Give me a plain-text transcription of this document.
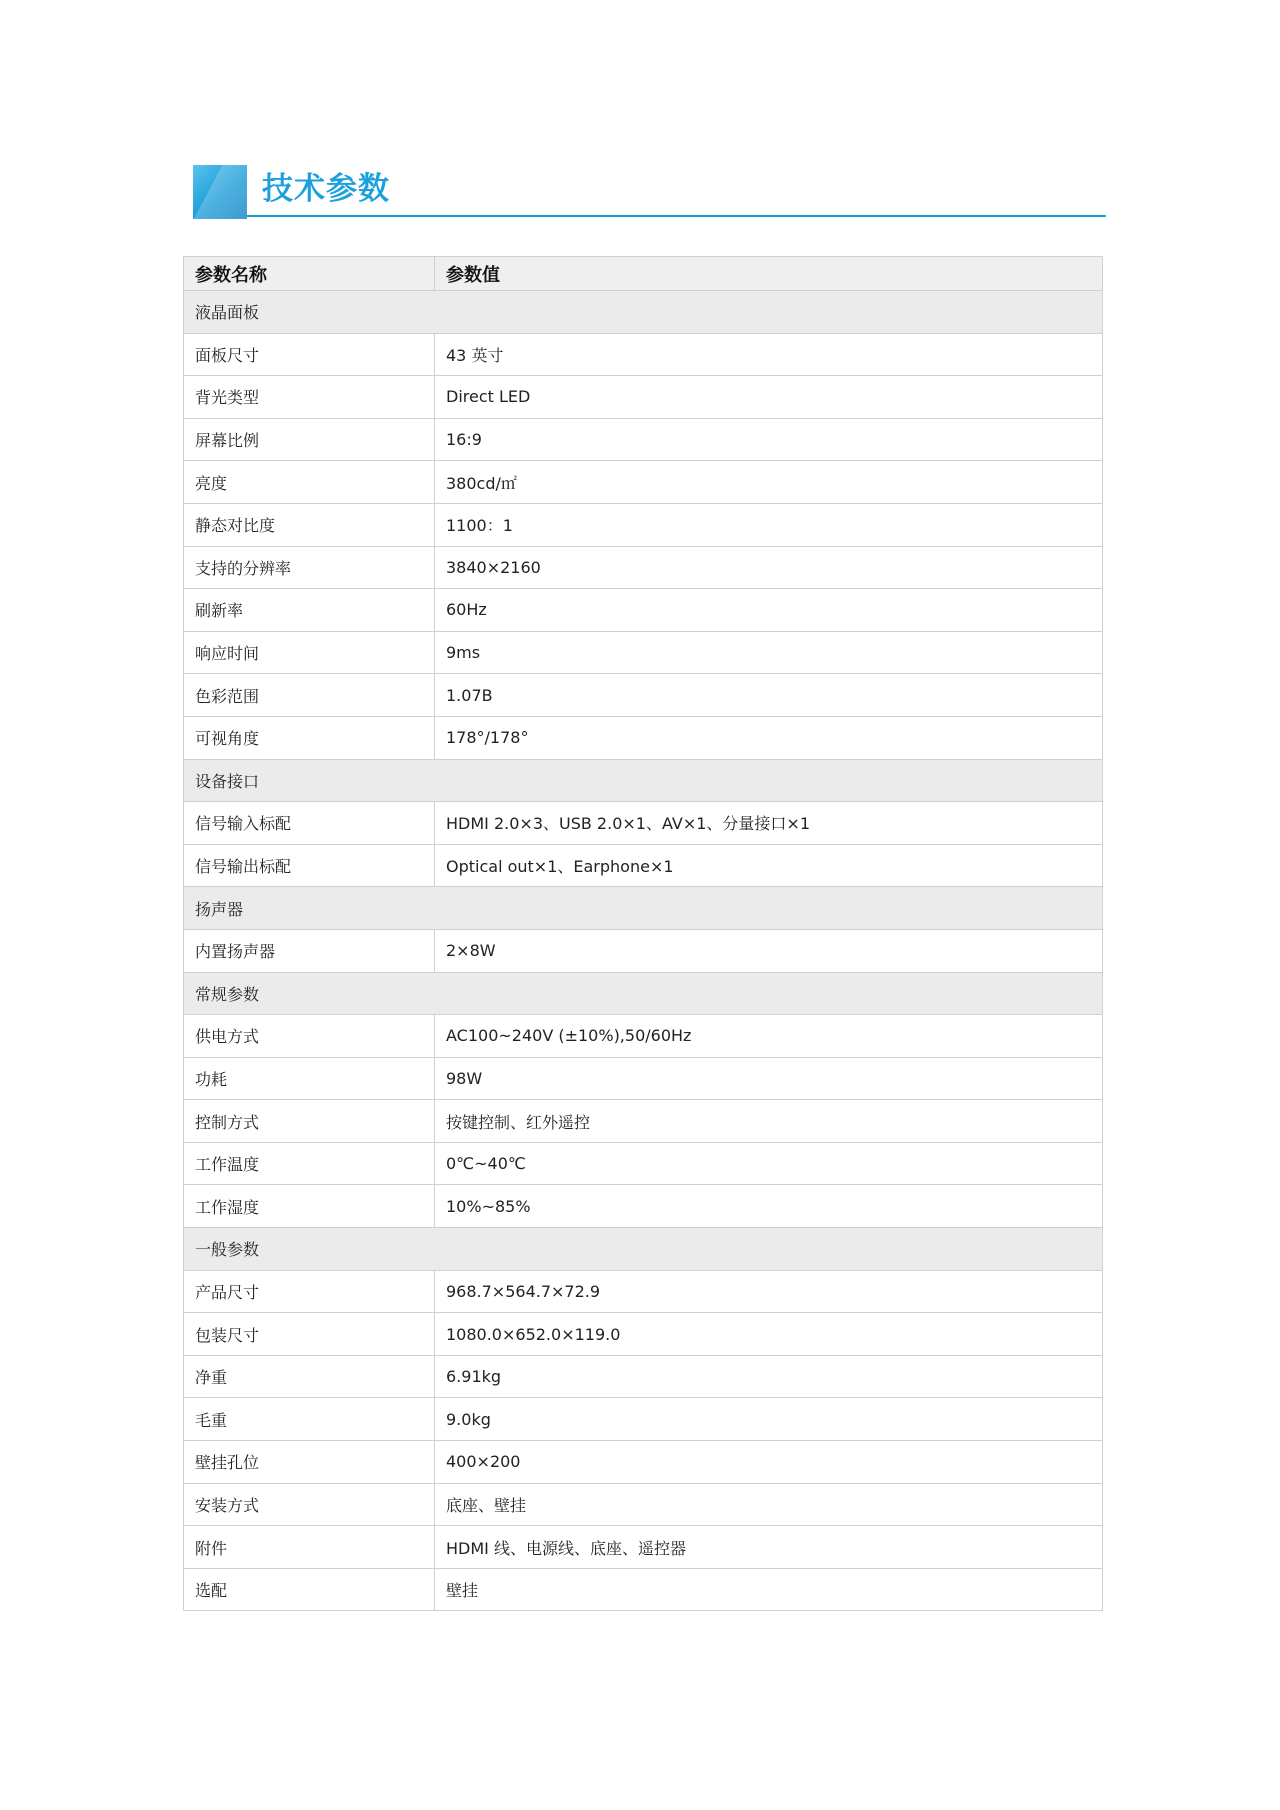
技术参数
参数名称	参数值
液晶面板	
面板尺寸	43 英寸
背光类型	Direct LED
屏幕比例	16:9
亮度	380cd/㎡
静态对比度	1100：1
支持的分辨率	3840×2160
刷新率	60Hz
响应时间	9ms
色彩范围	1.07B
可视角度	178°/178°
设备接口	
信号输入标配	HDMI 2.0×3、USB 2.0×1、AV×1、分量接口×1
信号输出标配	Optical out×1、Earphone×1
扬声器	
内置扬声器	2×8W
常规参数	
供电方式	AC100~240V (±10%),50/60Hz
功耗	98W
控制方式	按键控制、红外遥控
工作温度	0℃~40℃
工作湿度	10%~85%
一般参数	
产品尺寸	968.7×564.7×72.9
包装尺寸	1080.0×652.0×119.0
净重	6.91kg
毛重	9.0kg
壁挂孔位	400×200
安装方式	底座、壁挂
附件	HDMI 线、电源线、底座、遥控器
选配	壁挂
